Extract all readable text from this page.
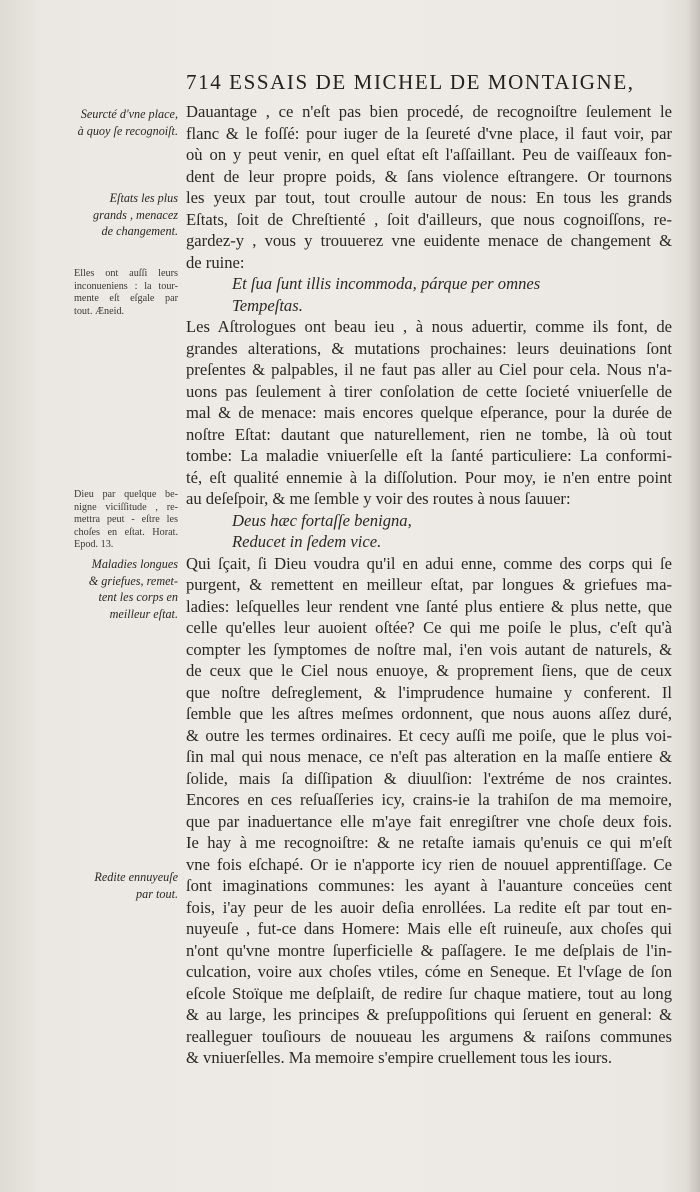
714 ESSAIS DE MICHEL DE MONTAIGNE,
Seurcté d'vne place,
à quoy ſe recognoiſt.
Eſtats les plus
grands , menacez
de changement.
Elles ont auſſi leurs
inconueniens : la tour-
mente eſt eſgale par
tout. Æneid.
Dieu par quelque be-
nigne viciſſitude , re-
mettra peut - eſtre les
choſes en eſtat. Horat.
Epod. 13.
Maladies longues
& griefues, remet-
tent les corps en
meilleur eſtat.
Redite ennuyeuſe
par tout.
Dauantage , ce n'eſt pas bien procedé, de recognoiſtre ſeulement le
flanc & le foſſé: pour iuger de la ſeureté d'vne place, il faut voir, par
où on y peut venir, en quel eſtat eſt l'aſſaillant. Peu de vaiſſeaux fon-
dent de leur propre poids, & ſans violence eſtrangere. Or tournons
les yeux par tout, tout croulle autour de nous: En tous les grands
Eſtats, ſoit de Chreſtienté , ſoit d'ailleurs, que nous cognoiſſons, re-
gardez-y , vous y trouuerez vne euidente menace de changement &
de ruine:
Et ſua ſunt illis incommoda, párque per omnes
Tempeſtas.
Les Aſtrologues ont beau ieu , à nous aduertir, comme ils font, de
grandes alterations, & mutations prochaines: leurs deuinations ſont
preſentes & palpables, il ne faut pas aller au Ciel pour cela. Nous n'a-
uons pas ſeulement à tirer conſolation de cette ſocieté vniuerſelle de
mal & de menace: mais encores quelque eſperance, pour la durée de
noſtre Eſtat: dautant que naturellement, rien ne tombe, là où tout
tombe: La maladie vniuerſelle eſt la ſanté particuliere: La conformi-
té, eſt qualité ennemie à la diſſolution. Pour moy, ie n'en entre point
au deſeſpoir, & me ſemble y voir des routes à nous ſauuer:
Deus hæc fortaſſe benigna,
Reducet in ſedem vice.
Qui ſçait, ſi Dieu voudra qu'il en adui enne, comme des corps qui ſe
purgent, & remettent en meilleur eſtat, par longues & griefues ma-
ladies: leſquelles leur rendent vne ſanté plus entiere & plus nette, que
celle qu'elles leur auoient oſtée? Ce qui me poiſe le plus, c'eſt qu'à
compter les ſymptomes de noſtre mal, i'en vois autant de naturels, &
de ceux que le Ciel nous enuoye, & proprement ſiens, que de ceux
que noſtre deſreglement, & l'imprudence humaine y conferent. Il
ſemble que les aſtres meſmes ordonnent, que nous auons aſſez duré,
& outre les termes ordinaires. Et cecy auſſi me poiſe, que le plus voi-
ſin mal qui nous menace, ce n'eſt pas alteration en la maſſe entiere &
ſolide, mais ſa diſſipation & diuulſion: l'extréme de nos craintes.
Encores en ces reſuaſſeries icy, crains-ie la trahiſon de ma memoire,
que par inaduertance elle m'aye fait enregiſtrer vne choſe deux fois.
Ie hay à me recognoiſtre: & ne retaſte iamais qu'enuis ce qui m'eſt
vne fois eſchapé. Or ie n'apporte icy rien de nouuel apprentiſſage. Ce
ſont imaginations communes: les ayant à l'auanture conceües cent
fois, i'ay peur de les auoir deſia enrollées. La redite eſt par tout en-
nuyeuſe , fut-ce dans Homere: Mais elle eſt ruineuſe, aux choſes qui
n'ont qu'vne montre ſuperficielle & paſſagere. Ie me deſplais de l'in-
culcation, voire aux choſes vtiles, cóme en Seneque. Et l'vſage de ſon
eſcole Stoïque me deſplaiſt, de redire ſur chaque matiere, tout au long
& au large, les principes & preſuppoſitions qui ſeruent en general: &
realleguer touſiours de nouueau les argumens & raiſons communes
& vniuerſelles. Ma memoire s'empire cruellement tous les iours.
